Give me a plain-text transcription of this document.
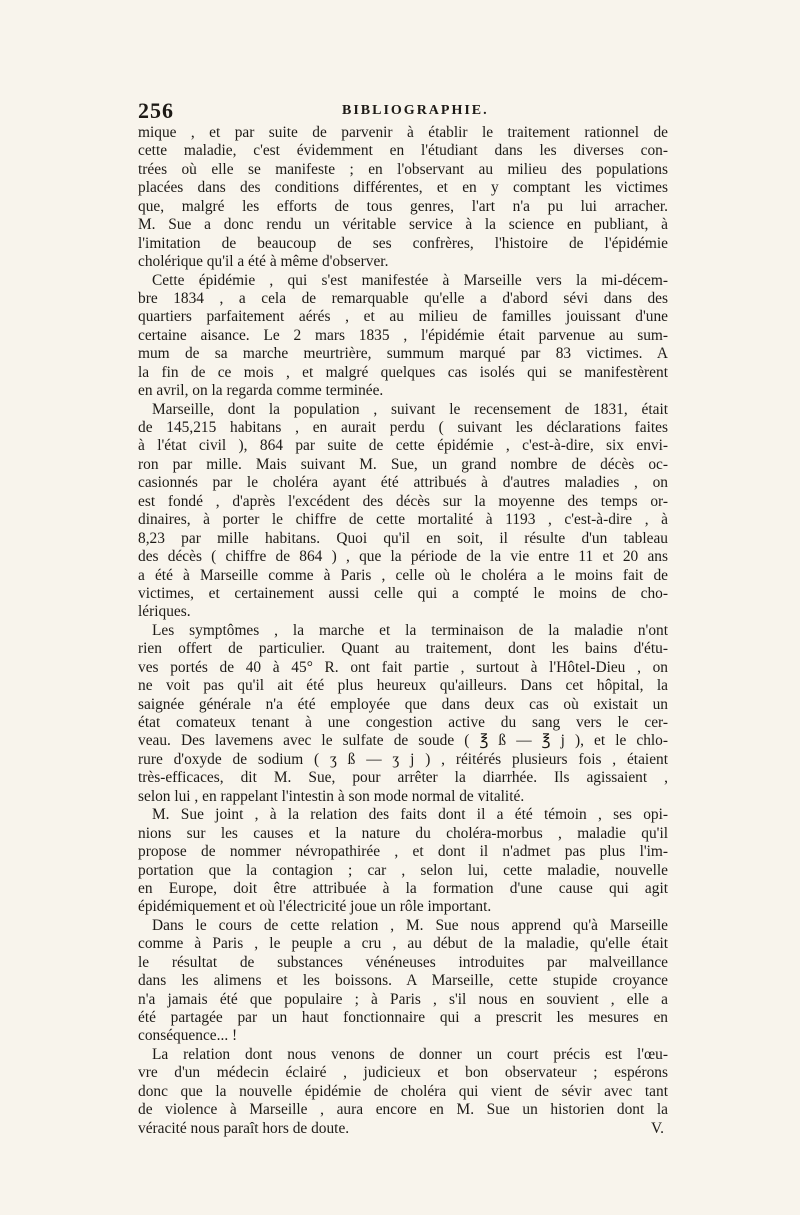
256	BIBLIOGRAPHIE.
mique , et par suite de parvenir à établir le traitement rationnel de
cette maladie, c'est évidemment en l'étudiant dans les diverses con-
trées où elle se manifeste ; en l'observant au milieu des populations
placées dans des conditions différentes, et en y comptant les victimes
que, malgré les efforts de tous genres, l'art n'a pu lui arracher.
M. Sue a donc rendu un véritable service à la science en publiant, à
l'imitation de beaucoup de ses confrères, l'histoire de l'épidémie
cholérique qu'il a été à même d'observer.
Cette épidémie , qui s'est manifestée à Marseille vers la mi-décem-
bre 1834 , a cela de remarquable qu'elle a d'abord sévi dans des
quartiers parfaitement aérés , et au milieu de familles jouissant d'une
certaine aisance. Le 2 mars 1835 , l'épidémie était parvenue au sum-
mum de sa marche meurtrière, summum marqué par 83 victimes. A
la fin de ce mois , et malgré quelques cas isolés qui se manifestèrent
en avril, on la regarda comme terminée.
Marseille, dont la population , suivant le recensement de 1831, était
de 145,215 habitans , en aurait perdu ( suivant les déclarations faites
à l'état civil ), 864 par suite de cette épidémie , c'est-à-dire, six envi-
ron par mille. Mais suivant M. Sue, un grand nombre de décès oc-
casionnés par le choléra ayant été attribués à d'autres maladies , on
est fondé , d'après l'excédent des décès sur la moyenne des temps or-
dinaires, à porter le chiffre de cette mortalité à 1193 , c'est-à-dire , à
8,23 par mille habitans. Quoi qu'il en soit, il résulte d'un tableau
des décès ( chiffre de 864 ) , que la période de la vie entre 11 et 20 ans
a été à Marseille comme à Paris , celle où le choléra a le moins fait de
victimes, et certainement aussi celle qui a compté le moins de cho-
lériques.
Les symptômes , la marche et la terminaison de la maladie n'ont
rien offert de particulier. Quant au traitement, dont les bains d'étu-
ves portés de 40 à 45° R. ont fait partie , surtout à l'Hôtel-Dieu , on
ne voit pas qu'il ait été plus heureux qu'ailleurs. Dans cet hôpital, la
saignée générale n'a été employée que dans deux cas où existait un
état comateux tenant à une congestion active du sang vers le cer-
veau. Des lavemens avec le sulfate de soude ( ℥ ß — ℥ j ), et le chlo-
rure d'oxyde de sodium ( ʒ ß — ʒ j ) , réitérés plusieurs fois , étaient
très-efficaces, dit M. Sue, pour arrêter la diarrhée. Ils agissaient ,
selon lui , en rappelant l'intestin à son mode normal de vitalité.
M. Sue joint , à la relation des faits dont il a été témoin , ses opi-
nions sur les causes et la nature du choléra-morbus , maladie qu'il
propose de nommer névropathirée , et dont il n'admet pas plus l'im-
portation que la contagion ; car , selon lui, cette maladie, nouvelle
en Europe, doit être attribuée à la formation d'une cause qui agit
épidémiquement et où l'électricité joue un rôle important.
Dans le cours de cette relation , M. Sue nous apprend qu'à Marseille
comme à Paris , le peuple a cru , au début de la maladie, qu'elle était
le résultat de substances vénéneuses introduites par malveillance
dans les alimens et les boissons. A Marseille, cette stupide croyance
n'a jamais été que populaire ; à Paris , s'il nous en souvient , elle a
été partagée par un haut fonctionnaire qui a prescrit les mesures en
conséquence... !
La relation dont nous venons de donner un court précis est l'œu-
vre d'un médecin éclairé , judicieux et bon observateur ; espérons
donc que la nouvelle épidémie de choléra qui vient de sévir avec tant
de violence à Marseille , aura encore en M. Sue un historien dont la
véracité nous paraît hors de doute.	V.
